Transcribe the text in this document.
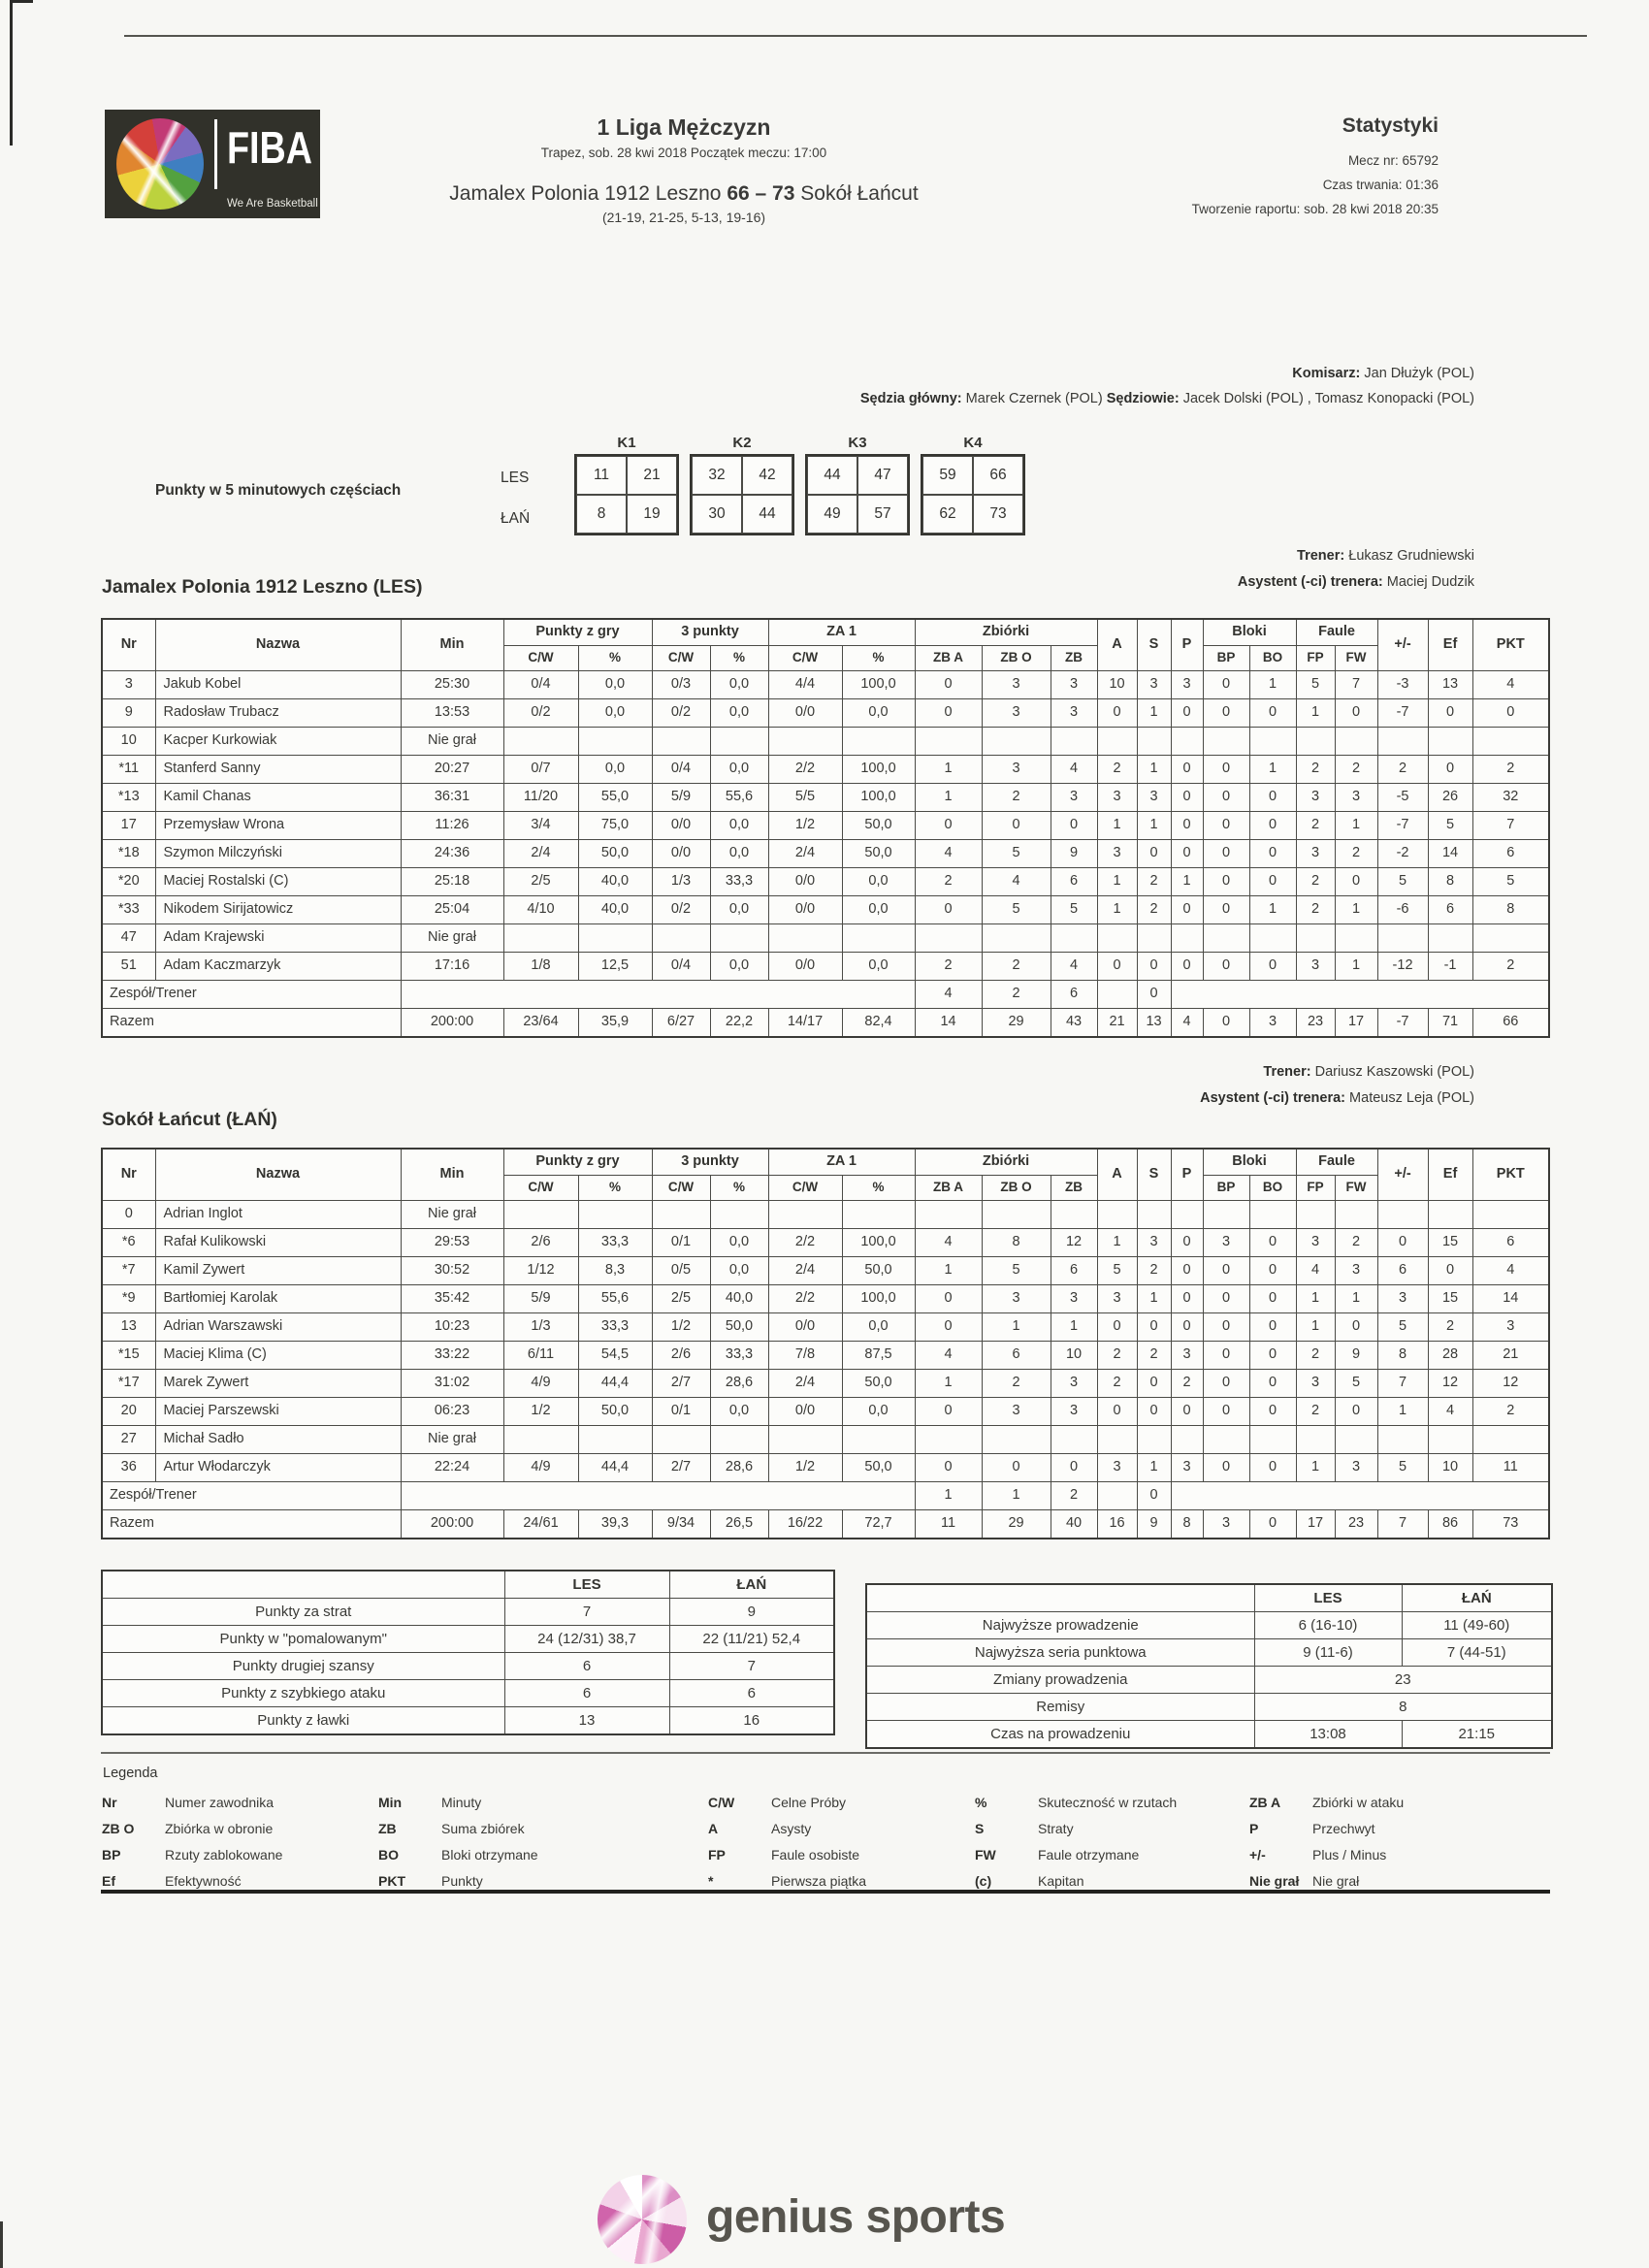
FIBA
We Are Basketball
1 Liga Mężczyzn
Trapez, sob. 28 kwi 2018 Początek meczu: 17:00
Jamalex Polonia 1912 Leszno 66 – 73 Sokół Łańcut
(21-19, 21-25, 5-13, 19-16)
Statystyki
Mecz nr: 65792
Czas trwania: 01:36
Tworzenie raportu: sob. 28 kwi 2018 20:35
Komisarz: Jan Dłużyk (POL)
Sędzia główny: Marek Czernek (POL) Sędziowie: Jacek Dolski (POL) , Tomasz Konopacki (POL)
Punkty w 5 minutowych częściach
LES
ŁAŃ
K1
11	21
8	19
K2
32	42
30	44
K3
44	47
49	57
K4
59	66
62	73
Trener: Łukasz Grudniewski
Asystent (-ci) trenera: Maciej Dudzik
Jamalex Polonia 1912 Leszno (LES)
Nr	Nazwa	Min	Punkty z gry		3 punkty		ZA 1		Zbiórki			A	S	P	Bloki		Faule		+/-	Ef	PKT
			C/W	%	C/W	%	C/W	%	ZB A	ZB O	ZB				BP	BO	FP	FW			
3	Jakub Kobel	25:30	0/4	0,0	0/3	0,0	4/4	100,0	0	3	3	10	3	3	0	1	5	7	-3	13	4
9	Radosław Trubacz	13:53	0/2	0,0	0/2	0,0	0/0	0,0	0	3	3	0	1	0	0	0	1	0	-7	0	0
10	Kacper Kurkowiak	Nie grał																			
*11	Stanferd Sanny	20:27	0/7	0,0	0/4	0,0	2/2	100,0	1	3	4	2	1	0	0	1	2	2	2	0	2
*13	Kamil Chanas	36:31	11/20	55,0	5/9	55,6	5/5	100,0	1	2	3	3	3	0	0	0	3	3	-5	26	32
17	Przemysław Wrona	11:26	3/4	75,0	0/0	0,0	1/2	50,0	0	0	0	1	1	0	0	0	2	1	-7	5	7
*18	Szymon Milczyński	24:36	2/4	50,0	0/0	0,0	2/4	50,0	4	5	9	3	0	0	0	0	3	2	-2	14	6
*20	Maciej Rostalski (C)	25:18	2/5	40,0	1/3	33,3	0/0	0,0	2	4	6	1	2	1	0	0	2	0	5	8	5
*33	Nikodem Sirijatowicz	25:04	4/10	40,0	0/2	0,0	0/0	0,0	0	5	5	1	2	0	0	1	2	1	-6	6	8
47	Adam Krajewski	Nie grał																			
51	Adam Kaczmarzyk	17:16	1/8	12,5	0/4	0,0	0/0	0,0	2	2	4	0	0	0	0	0	3	1	-12	-1	2
Zespół/Trener									4	2	6		0								
Razem		200:00	23/64	35,9	6/27	22,2	14/17	82,4	14	29	43	21	13	4	0	3	23	17	-7	71	66
Trener: Dariusz Kaszowski (POL)
Asystent (-ci) trenera: Mateusz Leja (POL)
Sokół Łańcut (ŁAŃ)
Nr	Nazwa	Min	Punkty z gry		3 punkty		ZA 1		Zbiórki			A	S	P	Bloki		Faule		+/-	Ef	PKT
			C/W	%	C/W	%	C/W	%	ZB A	ZB O	ZB				BP	BO	FP	FW			
0	Adrian Inglot	Nie grał																			
*6	Rafał Kulikowski	29:53	2/6	33,3	0/1	0,0	2/2	100,0	4	8	12	1	3	0	3	0	3	2	0	15	6
*7	Kamil Zywert	30:52	1/12	8,3	0/5	0,0	2/4	50,0	1	5	6	5	2	0	0	0	4	3	6	0	4
*9	Bartłomiej Karolak	35:42	5/9	55,6	2/5	40,0	2/2	100,0	0	3	3	3	1	0	0	0	1	1	3	15	14
13	Adrian Warszawski	10:23	1/3	33,3	1/2	50,0	0/0	0,0	0	1	1	0	0	0	0	0	1	0	5	2	3
*15	Maciej Klima (C)	33:22	6/11	54,5	2/6	33,3	7/8	87,5	4	6	10	2	2	3	0	0	2	9	8	28	21
*17	Marek Zywert	31:02	4/9	44,4	2/7	28,6	2/4	50,0	1	2	3	2	0	2	0	0	3	5	7	12	12
20	Maciej Parszewski	06:23	1/2	50,0	0/1	0,0	0/0	0,0	0	3	3	0	0	0	0	0	2	0	1	4	2
27	Michał Sadło	Nie grał																			
36	Artur Włodarczyk	22:24	4/9	44,4	2/7	28,6	1/2	50,0	0	0	0	3	1	3	0	0	1	3	5	10	11
Zespół/Trener									1	1	2		0								
Razem		200:00	24/61	39,3	9/34	26,5	16/22	72,7	11	29	40	16	9	8	3	0	17	23	7	86	73
	LES	ŁAŃ
Punkty za strat	7	9
Punkty w "pomalowanym"	24 (12/31) 38,7	22 (11/21) 52,4
Punkty drugiej szansy	6	7
Punkty z szybkiego ataku	6	6
Punkty z ławki	13	16
	LES	ŁAŃ
Najwyższe prowadzenie	6 (16-10)	11 (49-60)
Najwyższa seria punktowa	9 (11-6)	7 (44-51)
Zmiany prowadzenia	23	
Remisy	8	
Czas na prowadzeniu	13:08	21:15
Legenda
Nr	Numer zawodnika
ZB O Zbiórka w obronie
BP	Rzuty zablokowane
Ef	Efektywność
Min	Minuty
ZB	Suma zbiórek
BO	Bloki otrzymane
PKT	Punkty
C/W	Celne Próby
A	Asysty
FP	Faule osobiste
*	Pierwsza piątka
%	Skuteczność w rzutach
S	Straty
FW	Faule otrzymane
(c)	Kapitan
ZB A Zbiórki w ataku
P	Przechwyt
+/-	Plus / Minus
Nie grał Nie grał
genius sports
